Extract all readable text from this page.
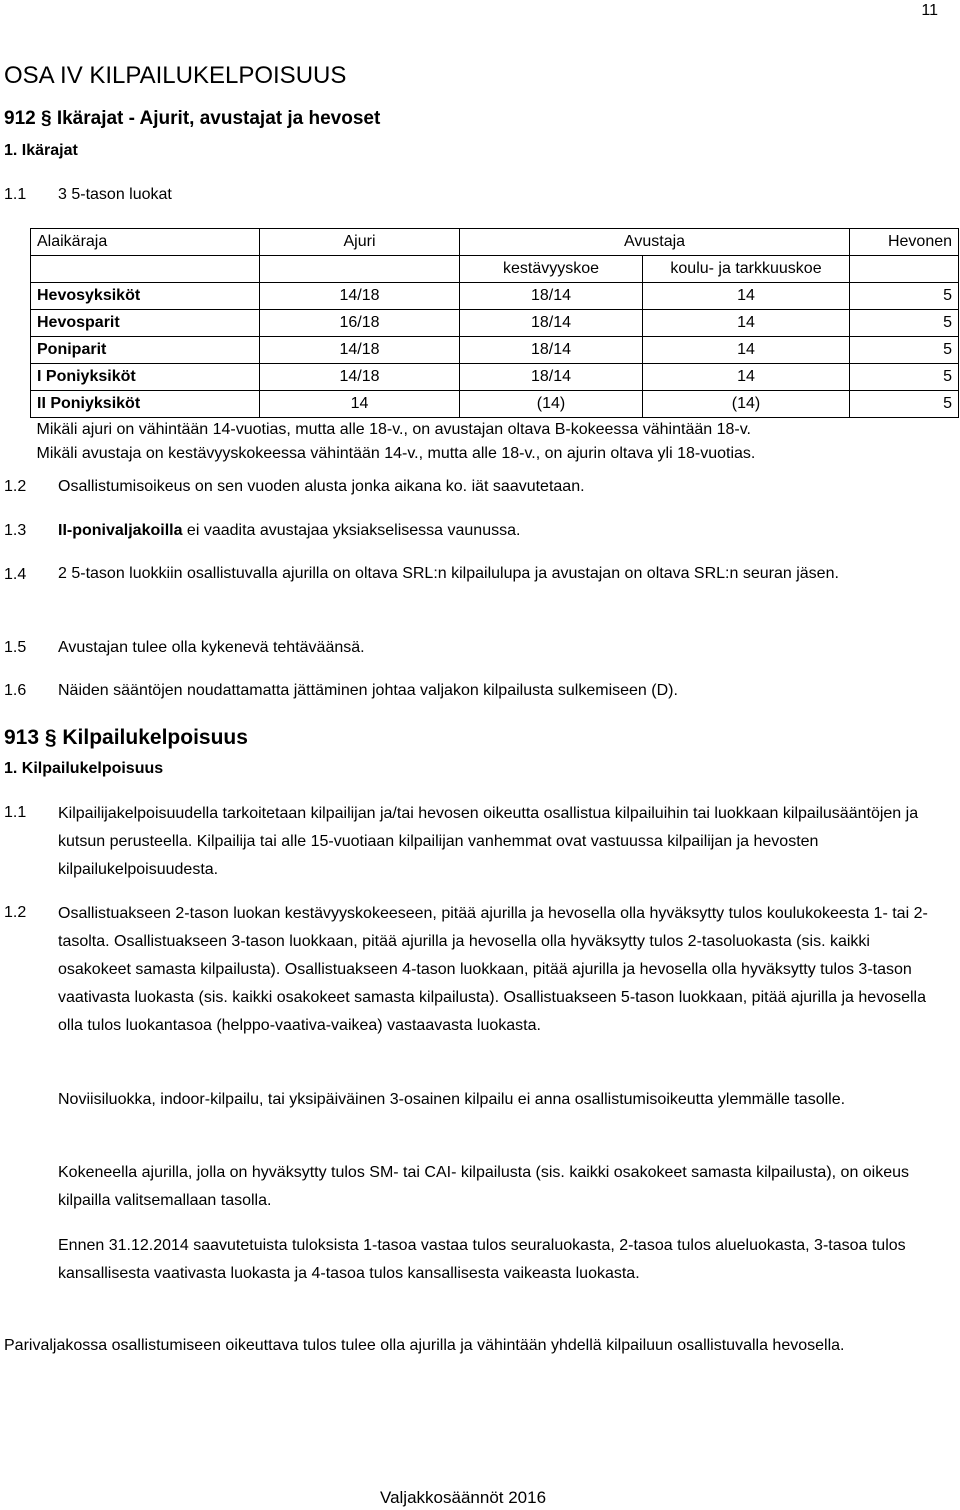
11
OSA IV KILPAILUKELPOISUUS
912 § Ikärajat - Ajurit, avustajat ja hevoset
1. Ikärajat
1.1 3 5-tason luokat
Alaikäraja	Ajuri	Avustaja		Hevonen
		kestävyyskoe	koulu- ja tarkkuuskoe	
Hevosyksiköt	14/18	18/14	14	5
Hevosparit	16/18	18/14	14	5
Poniparit	14/18	18/14	14	5
I Poniyksiköt	14/18	18/14	14	5
II Poniyksiköt	14	(14)	(14)	5
Mikäli ajuri on vähintään 14-vuotias, mutta alle 18-v., on avustajan oltava B-kokeessa vähintään 18-v.				
Mikäli avustaja on kestävyyskokeessa vähintään 14-v., mutta alle 18-v., on ajurin oltava yli 18-vuotias.				
1.2 Osallistumisoikeus on sen vuoden alusta jonka aikana ko. iät saavutetaan.
1.3 II-ponivaljakoilla ei vaadita avustajaa yksiakselisessa vaunussa.
1.4 2 5-tason luokkiin osallistuvalla ajurilla on oltava SRL:n kilpailulupa ja avustajan on oltava SRL:n seuran jäsen.
1.5 Avustajan tulee olla kykenevä tehtäväänsä.
1.6 Näiden sääntöjen noudattamatta jättäminen johtaa valjakon kilpailusta sulkemiseen (D).
913 § Kilpailukelpoisuus
1. Kilpailukelpoisuus
1.1 Kilpailijakelpoisuudella tarkoitetaan kilpailijan ja/tai hevosen oikeutta osallistua kilpailuihin tai luokkaan kilpailusääntöjen ja kutsun perusteella. Kilpailija tai alle 15-vuotiaan kilpailijan vanhemmat ovat vastuussa kilpailijan ja hevosten kilpailukelpoisuudesta.
1.2 Osallistuakseen 2-tason luokan kestävyyskokeeseen, pitää ajurilla ja hevosella olla hyväksytty tulos koulukokeesta 1- tai 2-tasolta. Osallistuakseen 3-tason luokkaan, pitää ajurilla ja hevosella olla hyväksytty tulos 2-tasoluokasta (sis. kaikki osakokeet samasta kilpailusta). Osallistuakseen 4-tason luokkaan, pitää ajurilla ja hevosella olla hyväksytty tulos 3-tason vaativasta luokasta (sis. kaikki osakokeet samasta kilpailusta). Osallistuakseen 5-tason luokkaan, pitää ajurilla ja hevosella olla tulos luokantasoa (helppo-vaativa-vaikea) vastaavasta luokasta.
Noviisiluokka, indoor-kilpailu, tai yksipäiväinen 3-osainen kilpailu ei anna osallistumisoikeutta ylemmälle tasolle.
Kokeneella ajurilla, jolla on hyväksytty tulos SM- tai CAI- kilpailusta (sis. kaikki osakokeet samasta kilpailusta), on oikeus kilpailla valitsemallaan tasolla.
Ennen 31.12.2014 saavutetuista tuloksista 1-tasoa vastaa tulos seuraluokasta, 2-tasoa tulos alueluokasta, 3-tasoa tulos kansallisesta vaativasta luokasta ja 4-tasoa tulos kansallisesta vaikeasta luokasta.
Parivaljakossa osallistumiseen oikeuttava tulos tulee olla ajurilla ja vähintään yhdellä kilpailuun osallistuvalla hevosella.
Valjakkosäännöt 2016
